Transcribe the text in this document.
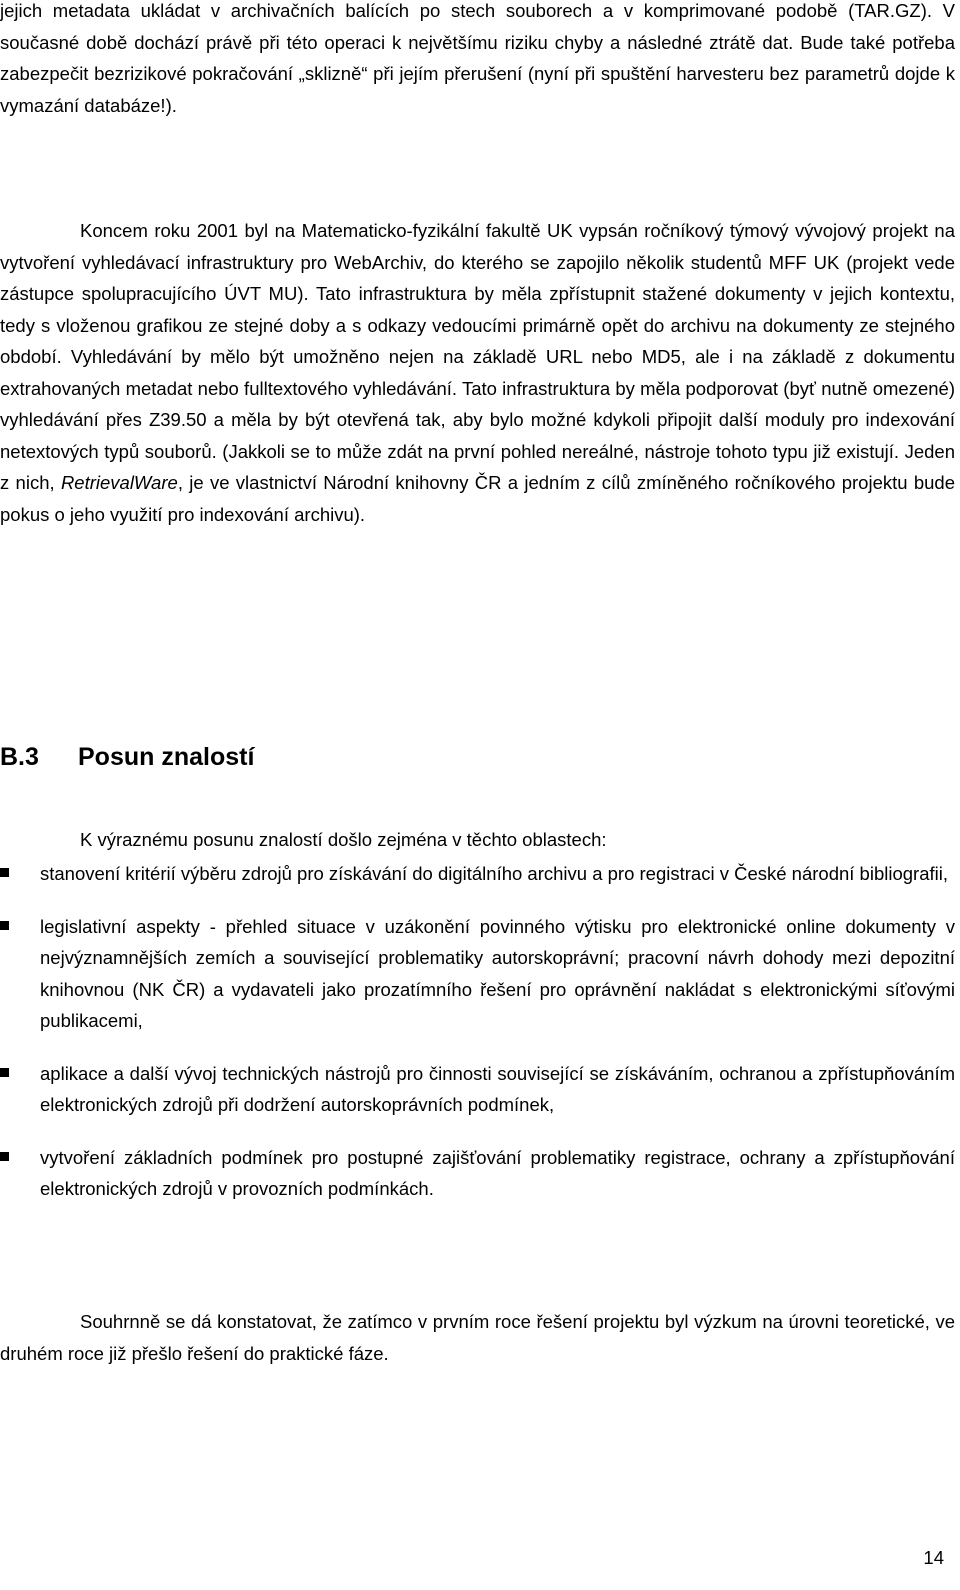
jejich metadata ukládat v archivačních balících po stech souborech a v komprimované podobě (TAR.GZ). V současné době dochází právě při této operaci k největšímu riziku chyby a následné ztrátě dat. Bude také potřeba zabezpečit bezrizikové pokračování „sklizně“ při jejím přerušení (nyní při spuštění harvesteru bez parametrů dojde k vymazání databáze!).

Koncem roku 2001 byl na Matematicko-fyzikální fakultě UK vypsán ročníkový týmový vývojový projekt na vytvoření vyhledávací infrastruktury pro WebArchiv, do kterého se zapojilo několik studentů MFF UK (projekt vede zástupce spolupracujícího ÚVT MU). Tato infrastruktura by měla zpřístupnit stažené dokumenty v jejich kontextu, tedy s vloženou grafikou ze stejné doby a s odkazy vedoucími primárně opět do archivu na dokumenty ze stejného období. Vyhledávání by mělo být umožněno nejen na základě URL nebo MD5, ale i na základě z dokumentu extrahovaných metadat nebo fulltextového vyhledávání. Tato infrastruktura by měla podporovat (byť nutně omezené) vyhledávání přes Z39.50 a měla by být otevřená tak, aby bylo možné kdykoli připojit další moduly pro indexování netextových typů souborů. (Jakkoli se to může zdát na první pohled nereálné, nástroje tohoto typu již existují. Jeden z nich, RetrievalWare, je ve vlastnictví Národní knihovny ČR a jedním z cílů zmíněného ročníkového projektu bude pokus o jeho využití pro indexování archivu).

B.3 Posun znalostí

K výraznému posunu znalostí došlo zejména v těchto oblastech:

stanovení kritérií výběru zdrojů pro získávání do digitálního archivu a pro registraci v České národní bibliografii,
legislativní aspekty - přehled situace v uzákonění povinného výtisku pro elektronické online dokumenty v nejvýznamnějších zemích a související problematiky autorskoprávní; pracovní návrh dohody mezi depozitní knihovnou (NK ČR) a vydavateli jako prozatímního řešení pro oprávnění nakládat s elektronickými síťovými publikacemi,
aplikace a další vývoj technických nástrojů pro činnosti související se získáváním, ochranou a zpřístupňováním elektronických zdrojů při dodržení autorskoprávních podmínek,
vytvoření základních podmínek pro postupné zajišťování problematiky registrace, ochrany a zpřístupňování elektronických zdrojů v provozních podmínkách.

Souhrnně se dá konstatovat, že zatímco v prvním roce řešení projektu byl výzkum na úrovni teoretické, ve druhém roce již přešlo řešení do praktické fáze.

14
